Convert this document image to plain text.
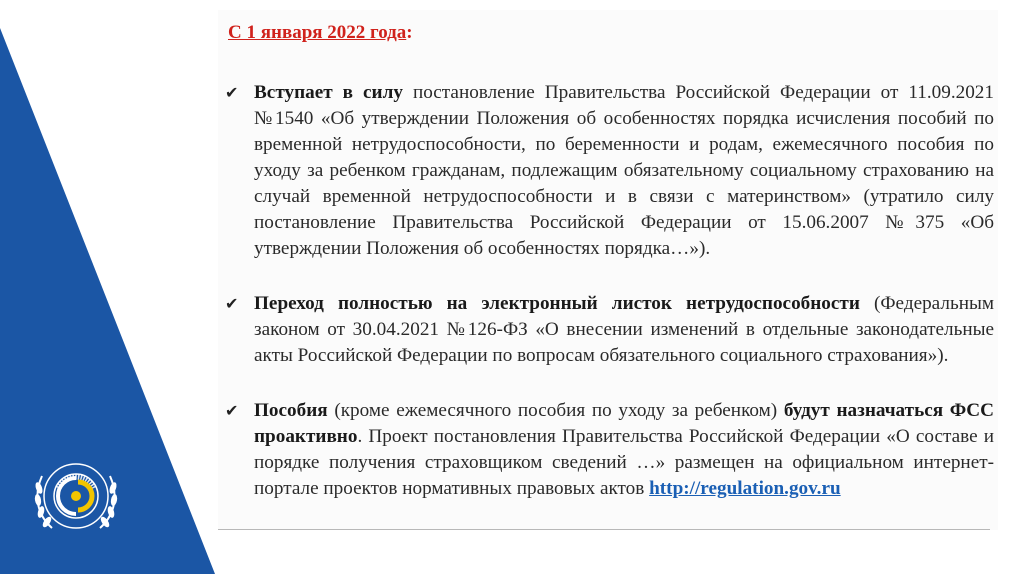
С 1 января 2022 года:
✔ Вступает в силу постановление Правительства Российской Федерации от 11.09.2021 №1540 «Об утверждении Положения об особенностях порядка исчисления пособий по временной нетрудоспособности, по беременности и родам, ежемесячного пособия по уходу за ребенком гражданам, подлежащим обязательному социальному страхованию на случай временной нетрудоспособности и в связи с материнством» (утратило силу постановление Правительства Российской Федерации от 15.06.2007 №375 «Об утверждении Положения об особенностях порядка…»).
✔ Переход полностью на электронный листок нетрудоспособности (Федеральным законом от 30.04.2021 №126-ФЗ «О внесении изменений в отдельные законодательные акты Российской Федерации по вопросам обязательного социального страхования»).
✔ Пособия (кроме ежемесячного пособия по уходу за ребенком) будут назначаться ФСС проактивно. Проект постановления Правительства Российской Федерации «О составе и порядке получения страховщиком сведений …» размещен на официальном интернет-портале проектов нормативных правовых актов http://regulation.gov.ru
